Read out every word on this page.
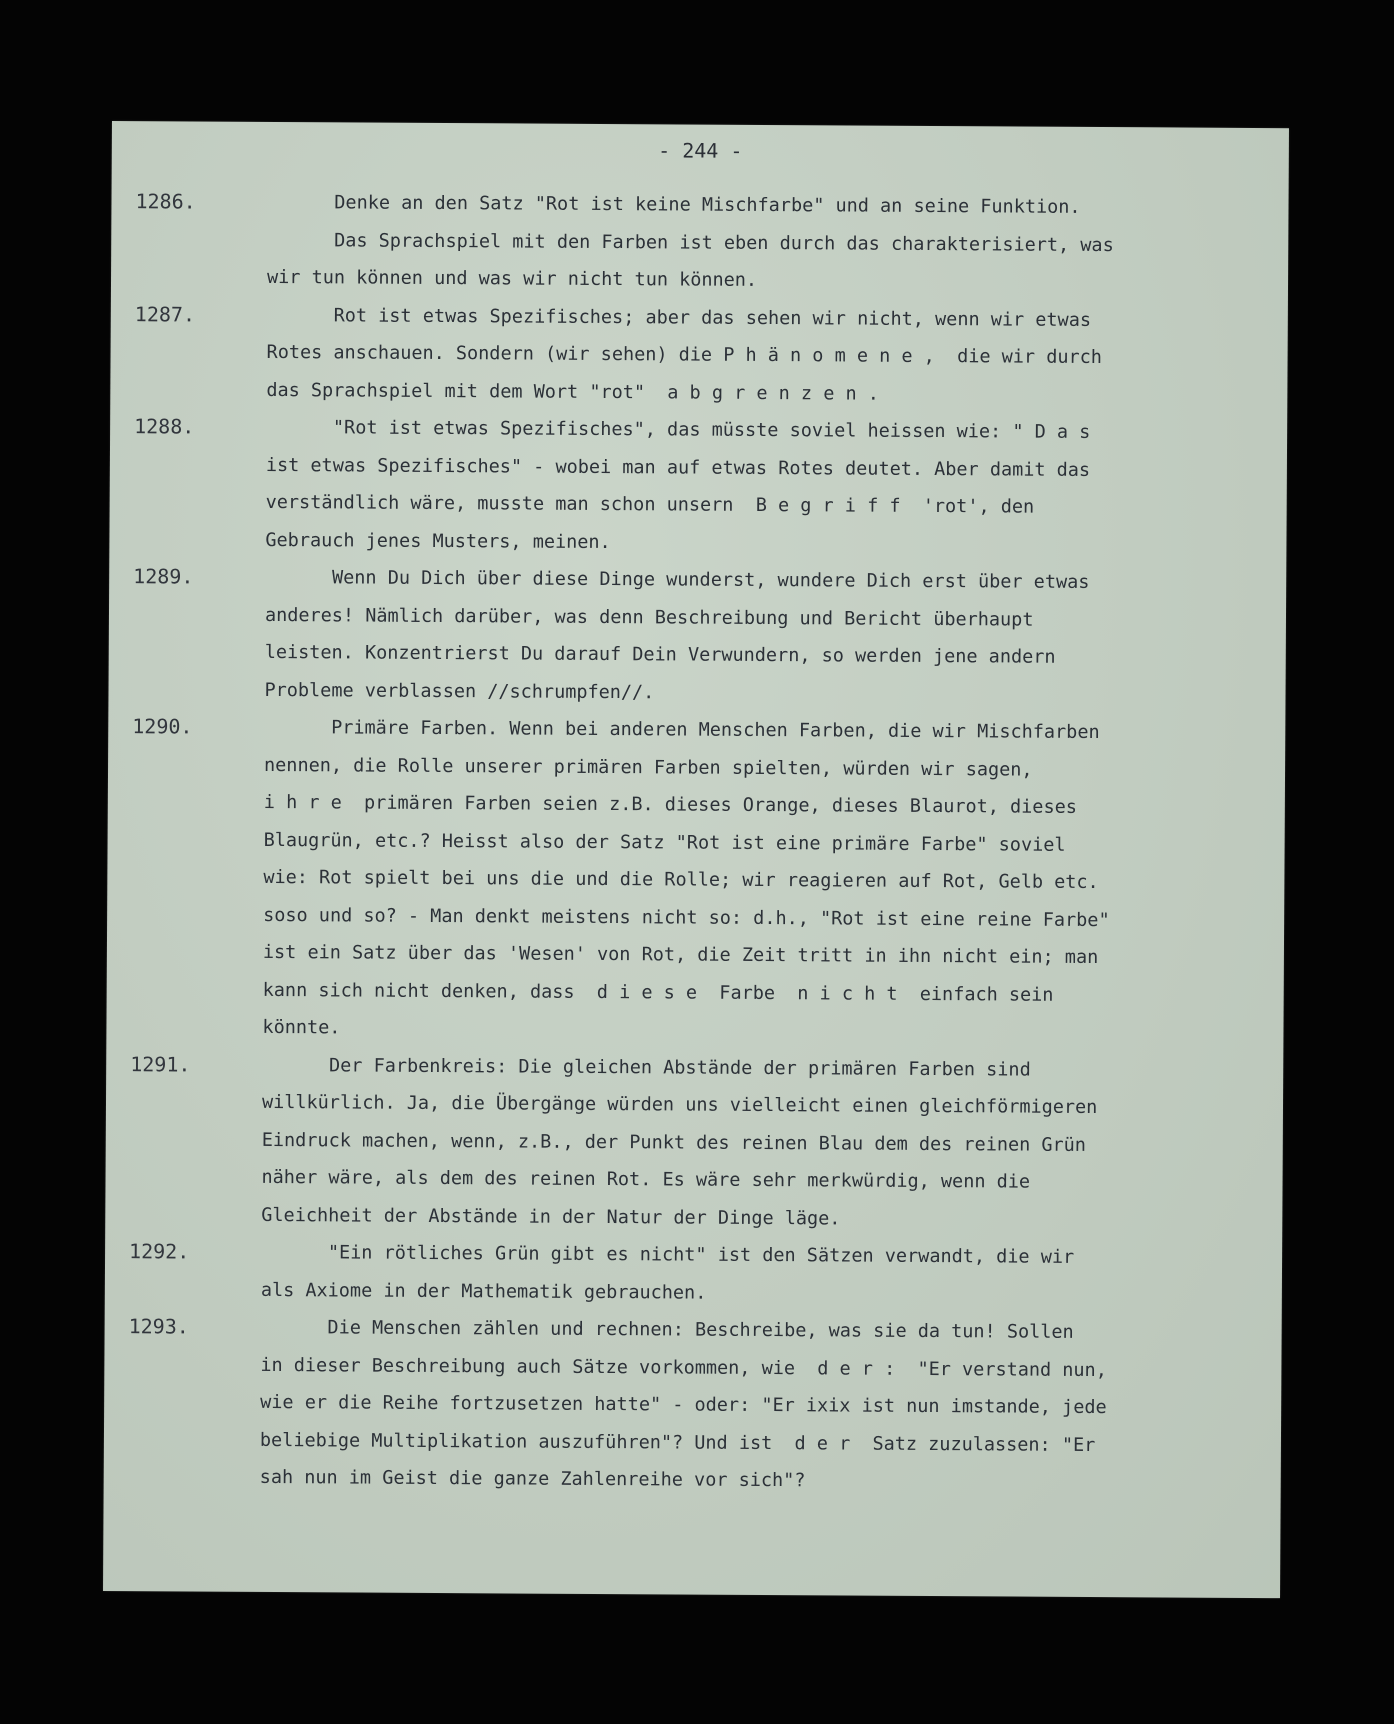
- 244 -
1286.	Denke an den Satz "Rot ist keine Mischfarbe" und an seine Funktion.
Das Sprachspiel mit den Farben ist eben durch das charakterisiert, was
wir tun können und was wir nicht tun können.
1287.	Rot ist etwas Spezifisches; aber das sehen wir nicht, wenn wir etwas
Rotes anschauen. Sondern (wir sehen) die P h ä n o m e n e ,  die wir durch
das Sprachspiel mit dem Wort "rot"  a b g r e n z e n .
1288.	"Rot ist etwas Spezifisches", das müsste soviel heissen wie: " D a s
ist etwas Spezifisches" - wobei man auf etwas Rotes deutet. Aber damit das
verständlich wäre, musste man schon unsern  B e g r i f f  'rot', den
Gebrauch jenes Musters, meinen.
1289.	Wenn Du Dich über diese Dinge wunderst, wundere Dich erst über etwas
anderes! Nämlich darüber, was denn Beschreibung und Bericht überhaupt
leisten. Konzentrierst Du darauf Dein Verwundern, so werden jene andern
Probleme verblassen //schrumpfen//.
1290.	Primäre Farben. Wenn bei anderen Menschen Farben, die wir Mischfarben
nennen, die Rolle unserer primären Farben spielten, würden wir sagen,
i h r e  primären Farben seien z.B. dieses Orange, dieses Blaurot, dieses
Blaugrün, etc.? Heisst also der Satz "Rot ist eine primäre Farbe" soviel
wie: Rot spielt bei uns die und die Rolle; wir reagieren auf Rot, Gelb etc.
soso und so? - Man denkt meistens nicht so: d.h., "Rot ist eine reine Farbe"
ist ein Satz über das 'Wesen' von Rot, die Zeit tritt in ihn nicht ein; man
kann sich nicht denken, dass  d i e s e  Farbe  n i c h t  einfach sein
könnte.
1291.	Der Farbenkreis: Die gleichen Abstände der primären Farben sind
willkürlich. Ja, die Übergänge würden uns vielleicht einen gleichförmigeren
Eindruck machen, wenn, z.B., der Punkt des reinen Blau dem des reinen Grün
näher wäre, als dem des reinen Rot. Es wäre sehr merkwürdig, wenn die
Gleichheit der Abstände in der Natur der Dinge läge.
1292.	"Ein rötliches Grün gibt es nicht" ist den Sätzen verwandt, die wir
als Axiome in der Mathematik gebrauchen.
1293.	Die Menschen zählen und rechnen: Beschreibe, was sie da tun! Sollen
in dieser Beschreibung auch Sätze vorkommen, wie  d e r :  "Er verstand nun,
wie er die Reihe fortzusetzen hatte" - oder: "Er ixix ist nun imstande, jede
beliebige Multiplikation auszuführen"? Und ist  d e r  Satz zuzulassen: "Er
sah nun im Geist die ganze Zahlenreihe vor sich"?
